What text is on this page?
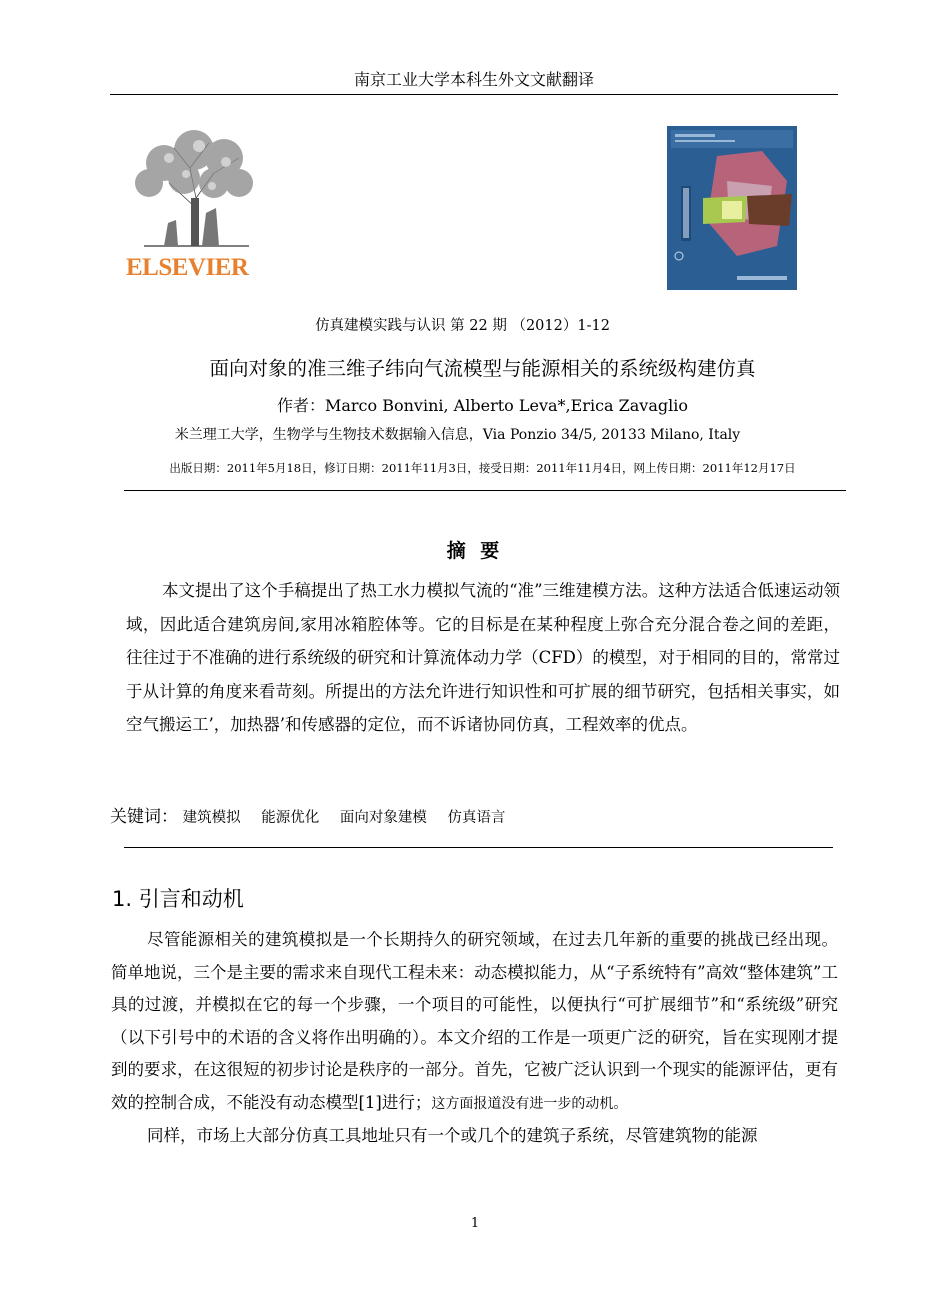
南京工业大学本科生外文文献翻译
ELSEVIER
仿真建模实践与认识 第 22 期 （2012）1-12
面向对象的准三维子纬向气流模型与能源相关的系统级构建仿真
作者：Marco Bonvini, Alberto Leva*,Erica Zavaglio
米兰理工大学，生物学与生物技术数据输入信息，Via Ponzio 34/5, 20133 Milano, Italy
出版日期：2011年5月18日，修订日期：2011年11月3日，接受日期：2011年11月4日，网上传日期：2011年12月17日
摘 要
本文提出了这个手稿提出了热工水力模拟气流的“准”三维建模方法。这种方法适合低速运动领域，因此适合建筑房间,家用冰箱腔体等。它的目标是在某种程度上弥合充分混合卷之间的差距，往往过于不准确的进行系统级的研究和计算流体动力学（CFD）的模型，对于相同的目的，常常过于从计算的角度来看苛刻。所提出的方法允许进行知识性和可扩展的细节研究，包括相关事实，如空气搬运工’，加热器’和传感器的定位，而不诉诸协同仿真，工程效率的优点。
关键词： 建筑模拟 能源优化 面向对象建模 仿真语言
1. 引言和动机

尽管能源相关的建筑模拟是一个长期持久的研究领域，在过去几年新的重要的挑战已经出现。简单地说，三个是主要的需求来自现代工程未来：动态模拟能力，从“子系统特有”高效“整体建筑”工具的过渡，并模拟在它的每一个步骤，一个项目的可能性，以便执行“可扩展细节”和“系统级”研究（以下引号中的术语的含义将作出明确的）。本文介绍的工作是一项更广泛的研究，旨在实现刚才提到的要求，在这很短的初步讨论是秩序的一部分。首先，它被广泛认识到一个现实的能源评估，更有效的控制合成，不能没有动态模型[1]进行；这方面报道没有进一步的动机。

同样，市场上大部分仿真工具地址只有一个或几个的建筑子系统，尽管建筑物的能源

1
